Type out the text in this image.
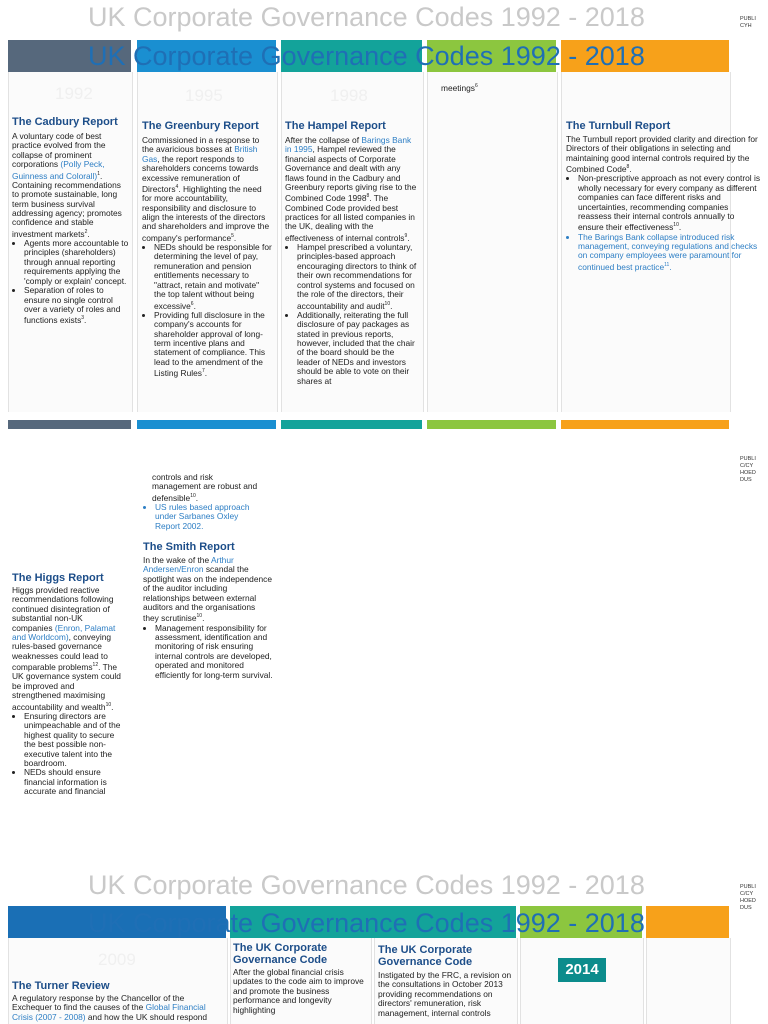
UK Corporate Governance Codes 1992 - 2018	PUBLICYH
UK Corporate Governance Codes 1992 - 2018
1992	1995	1998
The Cadbury Report
A voluntary code of best practice evolved from the collapse of prominent corporations (Polly Peck, Guinness and Colorall)$^1$. Containing recommendations to promote sustainable, long term business survival addressing agency; promotes confidence and stable investment markets$^2$.
• Agents more accountable to principles (shareholders) through annual reporting requirements applying the 'comply or explain' concept.
• Separation of roles to ensure no single control over a variety of roles and functions exists$^3$.
The Greenbury Report
Commissioned in a response to the avaricious bosses at British Gas, the report responds to shareholders concerns towards excessive remuneration of Directors$^4$. Highlighting the need for more accountability, responsibility and disclosure to align the interests of the directors and shareholders and improve the company's performance$^5$.
• NEDs should be responsible for determining the level of pay, remuneration and pension entitlements necessary to "attract, retain and motivate" the top talent without being excessive$^6$.
• Providing full disclosure in the company's accounts for shareholder approval of long-term incentive plans and statement of compliance. This lead to the amendment of the Listing Rules$^7$.
The Hampel Report
After the collapse of Barings Bank in 1995, Hampel reviewed the financial aspects of Corporate Governance and dealt with any flaws found in the Cadbury and Greenbury reports giving rise to the Combined Code 1998$^8$. The Combined Code provided best practices for all listed companies in the UK, dealing with the effectiveness of internal controls$^9$.
• Hampel prescribed a voluntary, principles-based approach encouraging directors to think of their own recommendations for control systems and focused on the role of the directors, their accountability and audit$^{10}$.
• Additionally, reiterating the full disclosure of pay packages as stated in previous reports, however, included that the chair of the board should be the leader of NEDs and investors should be able to vote on their shares at
meetings$^6$
The Turnbull Report
The Turnbull report provided clarity and direction for Directors of their obligations in selecting and maintaining good internal controls required by the Combined Code$^8$.
• Non-prescriptive approach as not every control is wholly necessary for every company as different companies can face different risks and uncertainties, recommending companies reassess their internal controls annually to ensure their effectiveness$^{10}$.
• The Barings Bank collapse introduced risk management, conveying regulations and checks on company employees were paramount for continued best practice$^{11}$.
PUBLIC/CYHOEDDUS
controls and risk management are robust and defensible$^{10}$.
• US rules based approach under Sarbanes Oxley Report 2002.
The Smith Report
In the wake of the Arthur Andersen/Enron scandal the spotlight was on the independence of the auditor including relationships between external auditors and the organisations they scrutinise$^{10}$.
• Management responsibility for assessment, identification and monitoring of risk ensuring internal controls are developed, operated and monitored efficiently for long-term survival.
The Higgs Report
Higgs provided reactive recommendations following continued disintegration of substantial non-UK companies (Enron, Palamat and Worldcom), conveying rules-based governance weaknesses could lead to comparable problems$^{12}$. The UK governance system could be improved and strengthened maximising accountability and wealth$^{10}$.
• Ensuring directors are unimpeachable and of the highest quality to secure the best possible non-executive talent into the boardroom.
• NEDs should ensure financial information is accurate and financial
UK Corporate Governance Codes 1992 - 2018	PUBLIC/CYHOEDDUS
UK Corporate Governance Codes 1992 - 2018
2009
2014
The Turner Review
A regulatory response by the Chancellor of the Exchequer to find the causes of the Global Financial Crisis (2007 - 2008) and how the UK should respond
The UK Corporate Governance Code
After the global financial crisis updates to the code aim to improve and promote the business performance and longevity highlighting
The UK Corporate Governance Code
Instigated by the FRC, a revision on the consultations in October 2013 providing recommendations on directors' remuneration, risk management, internal controls
